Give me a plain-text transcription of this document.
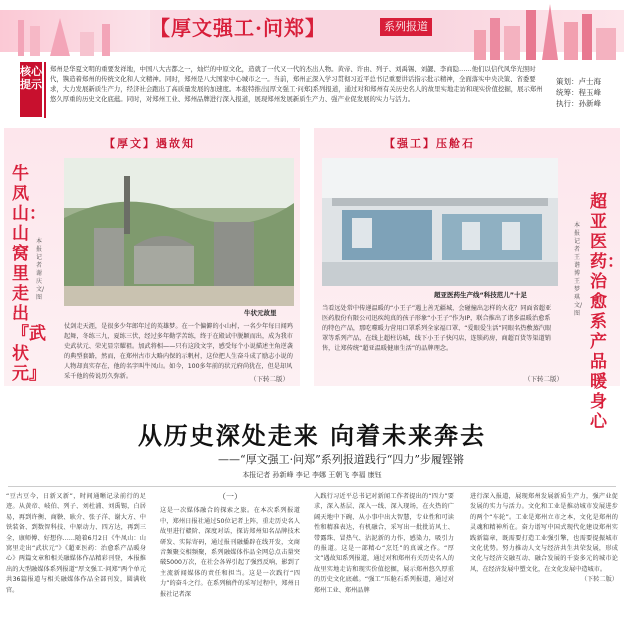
【厚文强工·问郑】	系列报道
核心提示
郑州是华夏文明的重要发祥地，中国八大古都之一，灿烂的中原文化，造就了一代又一代的杰出人物。黄帝、许由、列子、刘禹锡、刘勰、李商隐……他们以信代风华光照时代，镌造着郑州的传统文化和人文精神。同时，郑州是八大国家中心城市之一。当前，郑州正深入学习贯彻习近平总书记重要讲话指示批示精神，全面落实中央决策、省委要求，大力发展新质生产力，经济社会跑出了高质量发展的加速度。本报特推出[厚文强工·问郑]系列报道，通过对和郑州有关历史名人的故里实地走访和现实价值挖掘，展示郑州悠久厚重的历史文化底蕴。同时，对郑州工业、郑州品牌进行深入报道，展现郑州发展新质生产力、强产业促发展的实力与活力。
策划：卢士海
统筹：程玉峰
执行：孙新峰
【厚文】遇故知
牛凤山：山窝里走出『武状元』
本报记者 谢庆 文/图
牛状元故里
仗剑走天涯，是很多少年郎年过的英雄梦。在一个偏僻的小山村，一名少年每日闻鸡起舞，冬练三九，夏练三伏，经过多年勤学苦练，终于在殿试中脱颖而出，成为我市史武状元、荣光显宗耀祖。加武将相——只有这段文字，感受每个小说描述主角逆袭的典型套路，然而，在郑州古市大略内保的示帆村，这位把人生奋斗成了励志小说的人物却真实存在，他的名字叫牛凤山。如今，100多年前的状元府尚犹在，但是却风采千他的传说历久弥新。	（下转二版）
【强工】压舱石
超亚医药：治愈系产品暖身心
本报记者 王谐博 王梦琪 文/图
超亚医药生产线“科技范儿”十足
当看远处常中传递温暖的“小王子”遇上善无疆城，会碰撞出怎样的火花？同面省超亚医药股份有限公司迅疾纯真的孩子形象“小王子”作为IP，联合推出了诸多温暖治愈系的特色产品，那吃噬暖力营用口罩系列全家福口罩、“爱眼爱生活”同眼名热敷蒸汽眼罩等系列产品，在线上超柱访城，线下小王子快闪店，连锁药房，商超百货等渠道销售，让郑传统“超亚温暖健康生活”的品牌理念。
（下转二版）
从历史深处走来 向着未来奔去
——“厚文强工·问郑”系列报道践行“四力”步履铿锵
本报记者 孙新峰 李记 李娜 王朝飞 李福 康钰
“豆古豆今，日新又新”，时间通晰记录前行的足迹。从黄帝、岐伯、列子、刘杜浦、刘禹锡，白居易，再到许衡、商鞅、耿介、张子洋、谢大方、中铁装备、到数智科技、中原动力、四方达，再到三全，康师傅、好想你……随着6月2日《牛凤山：山窝里走出“武状元”》《超亚医药：治愈系产品暖身心》两篇文章和相关融媒体作品精彩刊登，本报推出的大型融媒体系列报道“厚文强工·问郑”两个单元共36篇报道与相关融媒体作品全部刊发，圆满收官。
（一）
这是一次媒体融合的探索之旅。在本次系列报道中，郑州日报社通过50位记者上阵，重走历史名人故里进行赣阶、深度对话，探访郑州知名品牌技术研发、实际寄码，通过报刊融播辟在线开发，文商音频聚交相频聚，系列融媒体作品全网总点击量突破5000万次，在社会各界引起了强烈反响，影到了主流新闻媒体的责任和担当。这是一次践行“四力”的奋斗之行。在系列稿件的采写过程中，郑州日报社记者深
入践行习近平总书记对新闻工作者提出的“四力”要求，深入基层、深入一线、深入现场，在火热的广阔天地中下碗、从小事中出大智慧，专业性和可读性和精准表达，有机融合，采写出一批批访风土、带露珠、冒热气、沾泥新的力作，感染力，吸引力的报道。这是一部精心“烹饪”的真诚之作。“厚文”遇故知系列报道，通过对和郑州有关历史名人的故里实地走访和现实价值挖掘，展示郑州悠久厚重的历史文化底蕴。“强工”压舱石系列报道，通过对郑州工业、郑州品牌
进行深入报道，展现郑州发展新质生产力，强产业促发展的实力与活力。文化和工业是推动城市发展进步的两个“车轮”。工业是郑州立市之本，文化是郑州的灵魂和精神所在。奋力谱写中国式现代化建设郑州实践新篇章，既需要打造工业强引擎，也需要提振城市文化优势。努力推动人文与经济共生共荣发展，形成文化与经济交融互动、融合发展的千姿多元的城市论风，在经济发展中塑文化，在文化发展中造城市。
（下转二版）
